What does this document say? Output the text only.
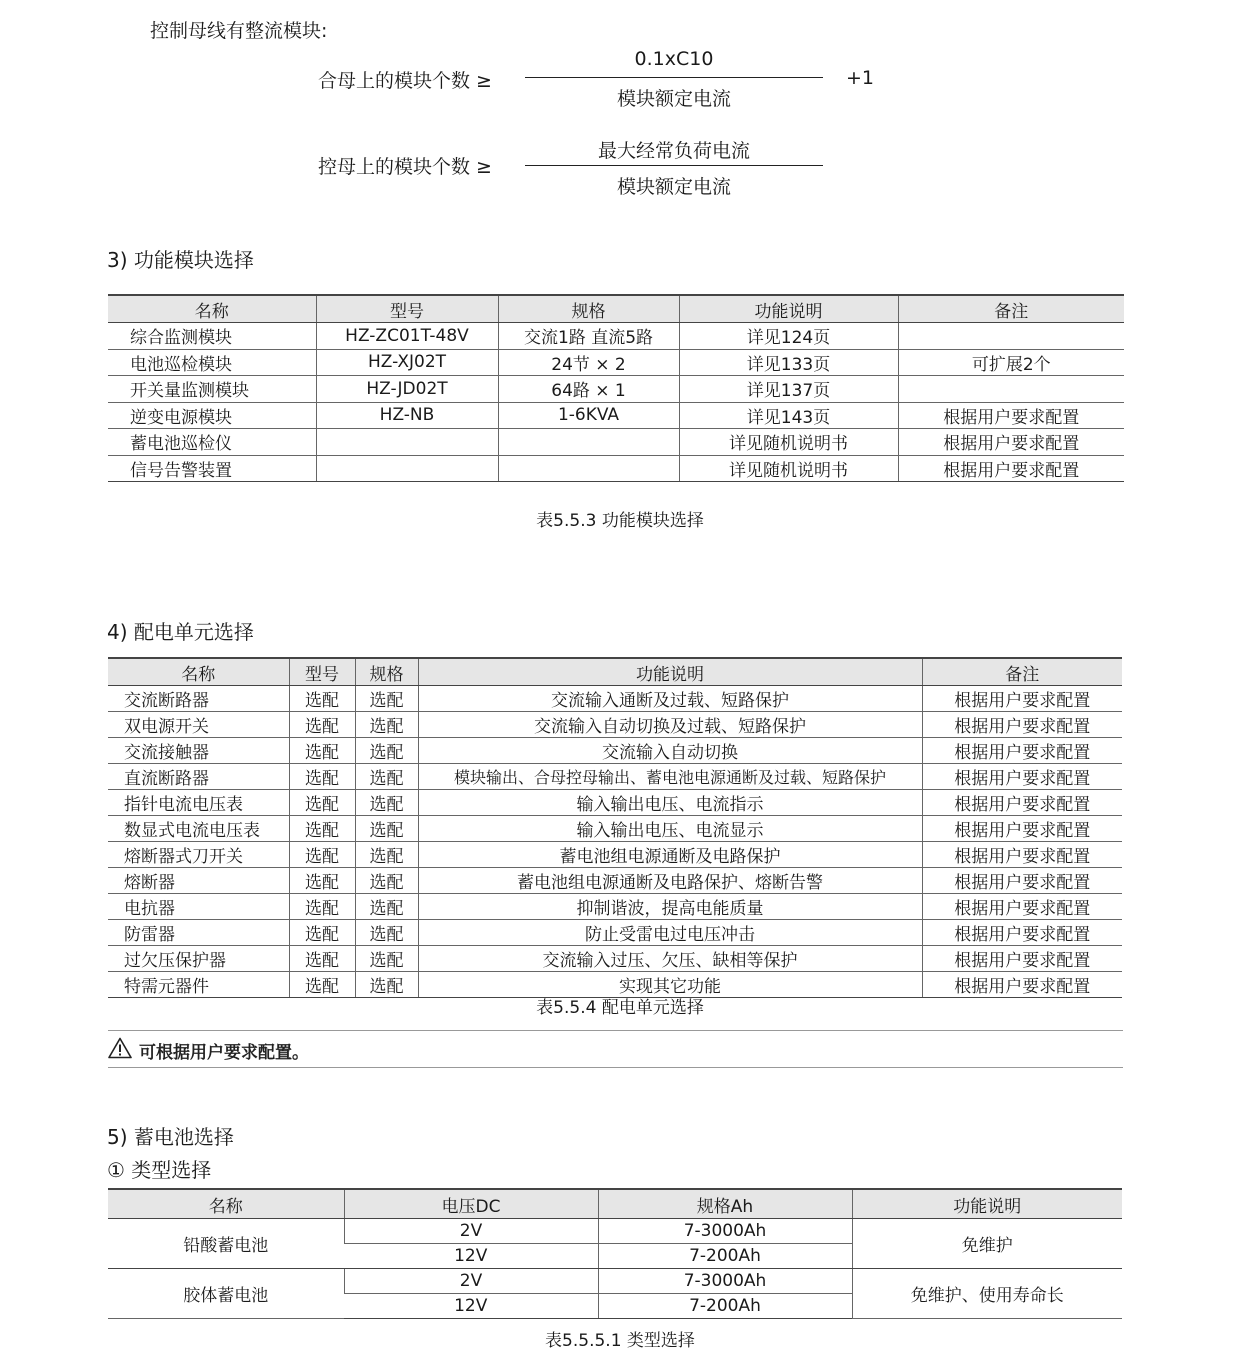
控制母线有整流模块:
合母上的模块个数 ≥
0.1xC10
模块额定电流
+1
控母上的模块个数 ≥
最大经常负荷电流
模块额定电流
3) 功能模块选择
名称	型号	规格	功能说明	备注
综合监测模块	HZ-ZC01T-48V	交流1路 直流5路	详见124页	
电池巡检模块	HZ-XJ02T	24节 × 2	详见133页	可扩展2个
开关量监测模块	HZ-JD02T	64路 × 1	详见137页	
逆变电源模块	HZ-NB	1-6KVA	详见143页	根据用户要求配置
蓄电池巡检仪			详见随机说明书	根据用户要求配置
信号告警装置			详见随机说明书	根据用户要求配置
表5.5.3 功能模块选择
4) 配电单元选择
名称	型号	规格	功能说明	备注
交流断路器	选配	选配	交流输入通断及过载、短路保护	根据用户要求配置
双电源开关	选配	选配	交流输入自动切换及过载、短路保护	根据用户要求配置
交流接触器	选配	选配	交流输入自动切换	根据用户要求配置
直流断路器	选配	选配	模块输出、合母控母输出、蓄电池电源通断及过载、短路保护	根据用户要求配置
指针电流电压表	选配	选配	输入输出电压、电流指示	根据用户要求配置
数显式电流电压表	选配	选配	输入输出电压、电流显示	根据用户要求配置
熔断器式刀开关	选配	选配	蓄电池组电源通断及电路保护	根据用户要求配置
熔断器	选配	选配	蓄电池组电源通断及电路保护、熔断告警	根据用户要求配置
电抗器	选配	选配	抑制谐波，提高电能质量	根据用户要求配置
防雷器	选配	选配	防止受雷电过电压冲击	根据用户要求配置
过欠压保护器	选配	选配	交流输入过压、欠压、缺相等保护	根据用户要求配置
特需元器件	选配	选配	实现其它功能	根据用户要求配置
表5.5.4 配电单元选择
可根据用户要求配置。
5) 蓄电池选择
① 类型选择
名称	电压DC	规格Ah	功能说明
铅酸蓄电池	2V	7-3000Ah	免维护
	12V	7-200Ah	
胶体蓄电池	2V	7-3000Ah	免维护、使用寿命长
	12V	7-200Ah	
表5.5.5.1 类型选择
